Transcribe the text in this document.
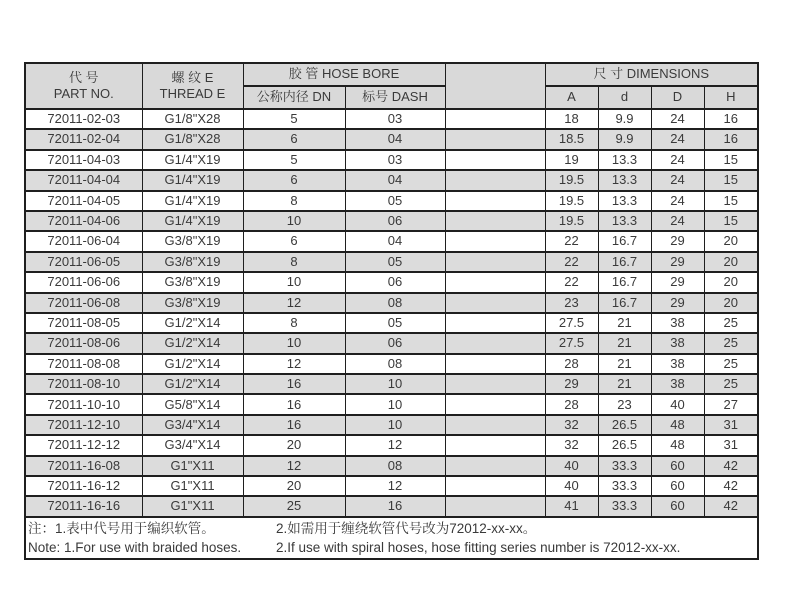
代 号
PART NO.	螺 纹 E
THREAD E	胶 管 HOSE BORE			尺 寸 DIMENSIONS			
		公称内径 DN	标号 DASH		A	d	D	H
72011-02-03	G1/8"X28	5	03		18	9.9	24	16
72011-02-04	G1/8"X28	6	04		18.5	9.9	24	16
72011-04-03	G1/4"X19	5	03		19	13.3	24	15
72011-04-04	G1/4"X19	6	04		19.5	13.3	24	15
72011-04-05	G1/4"X19	8	05		19.5	13.3	24	15
72011-04-06	G1/4"X19	10	06		19.5	13.3	24	15
72011-06-04	G3/8"X19	6	04		22	16.7	29	20
72011-06-05	G3/8"X19	8	05		22	16.7	29	20
72011-06-06	G3/8"X19	10	06		22	16.7	29	20
72011-06-08	G3/8"X19	12	08		23	16.7	29	20
72011-08-05	G1/2"X14	8	05		27.5	21	38	25
72011-08-06	G1/2"X14	10	06		27.5	21	38	25
72011-08-08	G1/2"X14	12	08		28	21	38	25
72011-08-10	G1/2"X14	16	10		29	21	38	25
72011-10-10	G5/8"X14	16	10		28	23	40	27
72011-12-10	G3/4"X14	16	10		32	26.5	48	31
72011-12-12	G3/4"X14	20	12		32	26.5	48	31
72011-16-08	G1"X11	12	08		40	33.3	60	42
72011-16-12	G1"X11	20	12		40	33.3	60	42
72011-16-16	G1"X11	25	16		41	33.3	60	42

注：1.表中代号用于编织软管。 2.如需用于缠绕软管代号改为72012-xx-xx。
Note: 1.For use with braided hoses. 2.If use with spiral hoses, hose fitting series number is 72012-xx-xx.								
